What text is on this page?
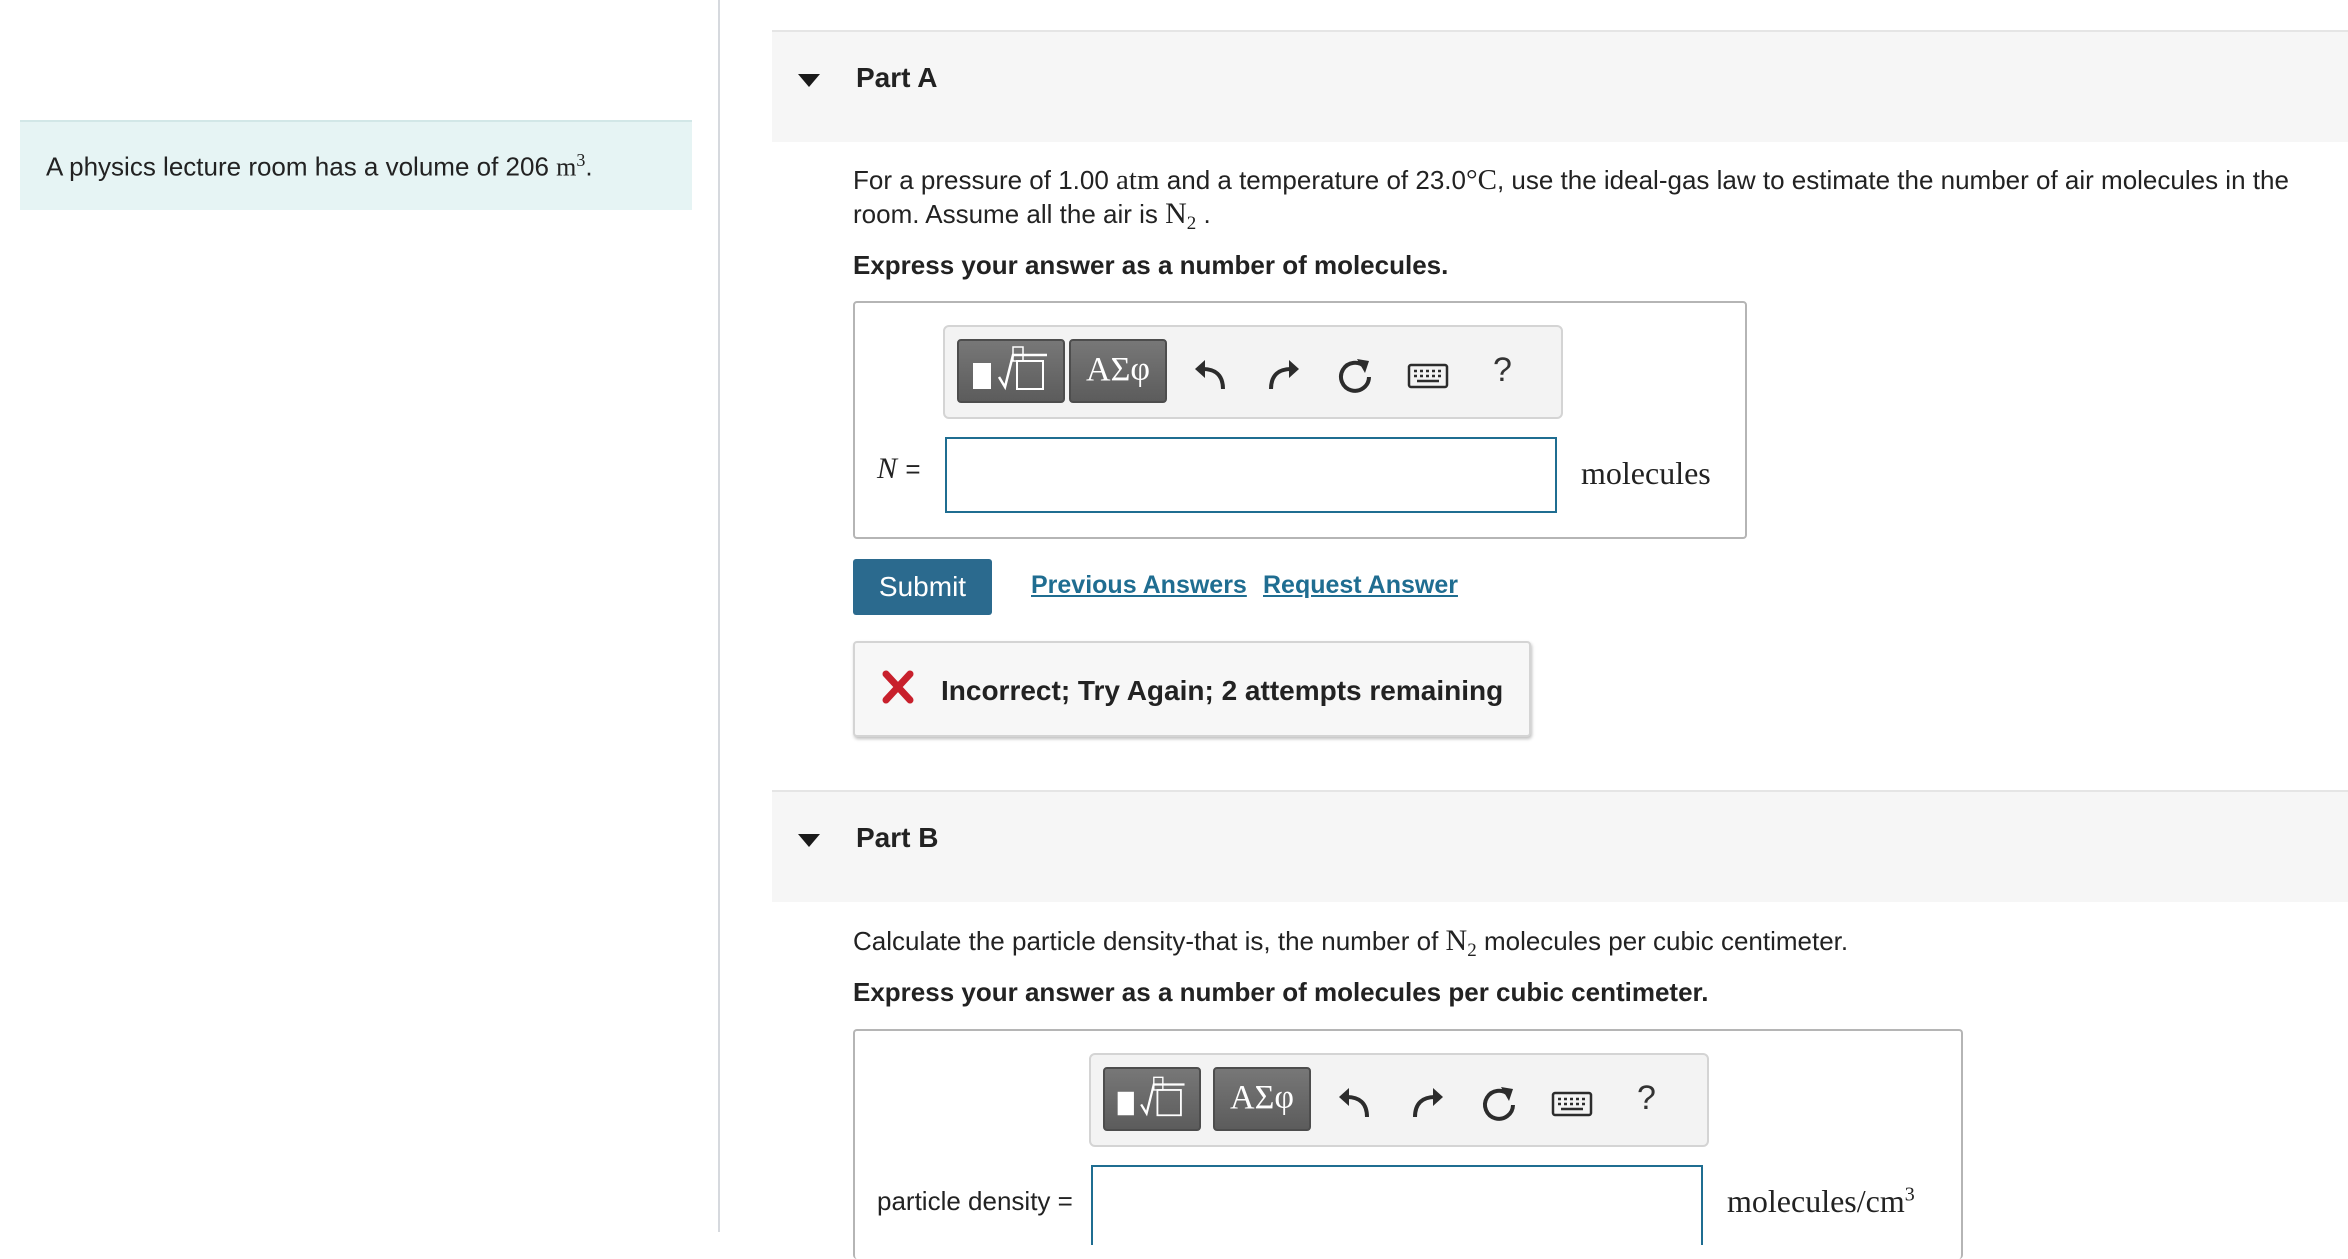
A physics lecture room has a volume of 206 $m^3$.
Part A
For a pressure of 1.00 atm and a temperature of 23.0°C, use the ideal-gas law to estimate the number of air molecules in the
room. Assume all the air is $N_2$ .
Express your answer as a number of molecules.
ΑΣφ	?
N =	molecules
Submit	Previous Answers Request Answer
Incorrect; Try Again; 2 attempts remaining
Part B
Calculate the particle density-that is, the number of $N_2$ molecules per cubic centimeter.
Express your answer as a number of molecules per cubic centimeter.
ΑΣφ	?
particle density =	molecules/$cm^3$
